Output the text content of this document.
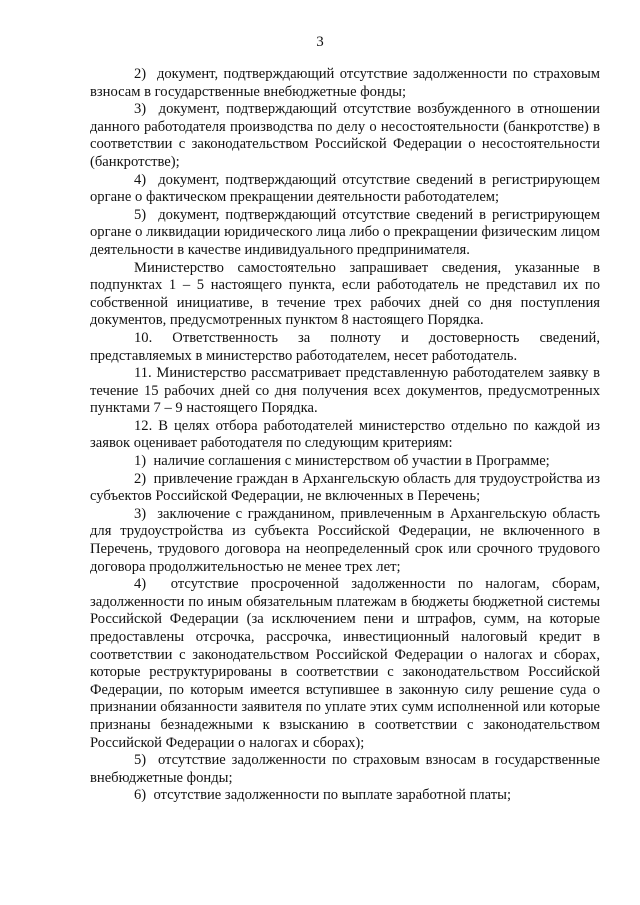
3

2)  документ, подтверждающий отсутствие задолженности по страховым взносам в государственные внебюджетные фонды;

3)  документ, подтверждающий отсутствие возбужденного в отношении данного работодателя производства по делу о несостоятельности (банкротстве) в соответствии с законодательством Российской Федерации о несостоятельности (банкротстве);

4)  документ, подтверждающий отсутствие сведений в регистрирующем органе о фактическом прекращении деятельности работодателем;

5)  документ, подтверждающий отсутствие сведений в регистрирующем органе о ликвидации юридического лица либо о прекращении физическим лицом деятельности в качестве индивидуального предпринимателя.

Министерство самостоятельно запрашивает сведения, указанные в подпунктах 1 – 5 настоящего пункта, если работодатель не представил их по собственной инициативе, в течение трех рабочих дней со дня поступления документов, предусмотренных пунктом 8 настоящего Порядка.

10. Ответственность за полноту и достоверность сведений, представляемых в министерство работодателем, несет работодатель.

11. Министерство рассматривает представленную работодателем заявку в течение 15 рабочих дней со дня получения всех документов, предусмотренных пунктами 7 – 9 настоящего Порядка.

12. В целях отбора работодателей министерство отдельно по каждой из заявок оценивает работодателя по следующим критериям:

1)  наличие соглашения с министерством об участии в Программе;

2)  привлечение граждан в Архангельскую область для трудоустройства из субъектов Российской Федерации, не включенных в Перечень;

3)  заключение с гражданином, привлеченным в Архангельскую область для трудоустройства из субъекта Российской Федерации, не включенного в Перечень, трудового договора на неопределенный срок или срочного трудового договора продолжительностью не менее трех лет;

4)  отсутствие просроченной задолженности по налогам, сборам, задолженности по иным обязательным платежам в бюджеты бюджетной системы Российской Федерации (за исключением пени и штрафов, сумм, на которые предоставлены отсрочка, рассрочка, инвестиционный налоговый кредит в соответствии с законодательством Российской Федерации о налогах и сборах, которые реструктурированы в соответствии с законодательством Российской Федерации, по которым имеется вступившее в законную силу решение суда о признании обязанности заявителя по уплате этих сумм исполненной или которые признаны безнадежными к взысканию в соответствии с законодательством Российской Федерации о налогах и сборах);

5)  отсутствие задолженности по страховым взносам в государственные внебюджетные фонды;

6)  отсутствие задолженности по выплате заработной платы;
